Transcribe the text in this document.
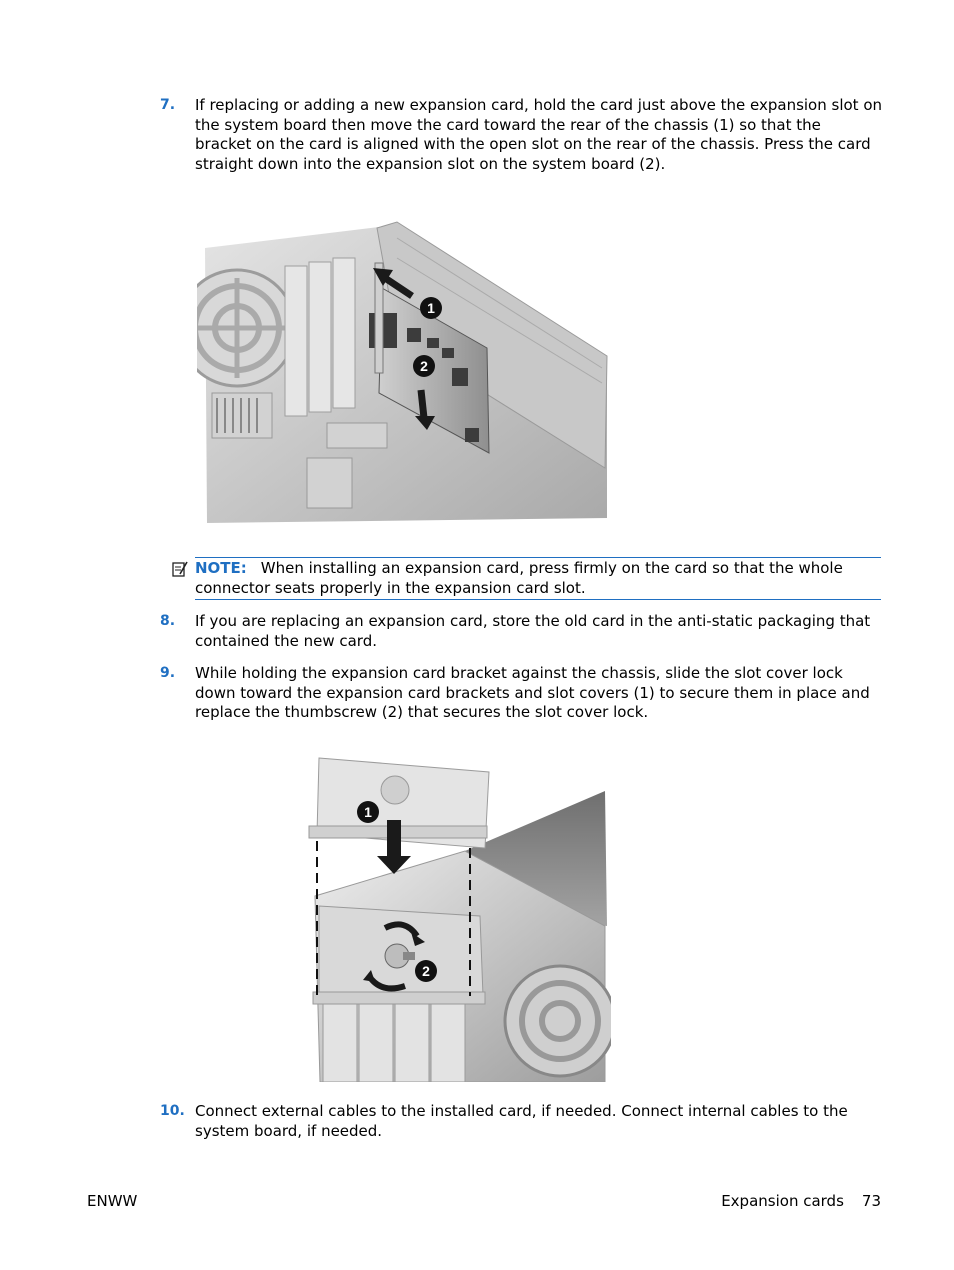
7.	If replacing or adding a new expansion card, hold the card just above the expansion slot on the system board then move the card toward the rear of the chassis (1) so that the bracket on the card is aligned with the open slot on the rear of the chassis. Press the card straight down into the expansion slot on the system board (2).
1
2
NOTE: When installing an expansion card, press firmly on the card so that the whole connector seats properly in the expansion card slot.
8.	If you are replacing an expansion card, store the old card in the anti-static packaging that contained the new card.
9.	While holding the expansion card bracket against the chassis, slide the slot cover lock down toward the expansion card brackets and slot covers (1) to secure them in place and replace the thumbscrew (2) that secures the slot cover lock.
1
2
10. Connect external cables to the installed card, if needed. Connect internal cables to the system board, if needed.
ENWW	Expansion cards 73
